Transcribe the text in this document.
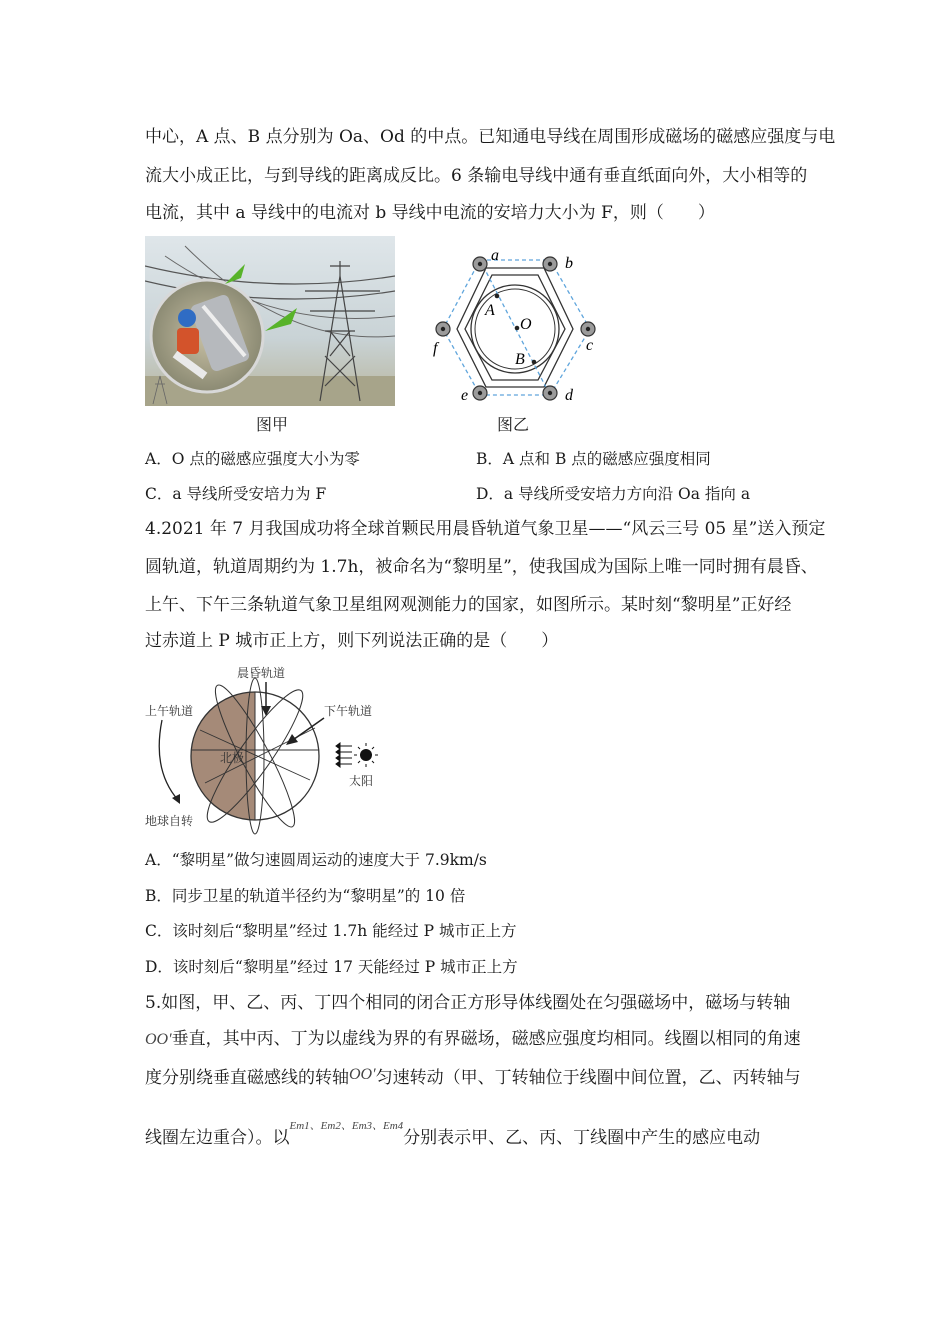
中心，A 点、B 点分别为 Oa、Od 的中点。已知通电导线在周围形成磁场的磁感应强度与电
流大小成正比，与到导线的距离成反比。6 条输电导线中通有垂直纸面向外，大小相等的
电流，其中 a 导线中的电流对 b 导线中电流的安培力大小为 F，则（　　）
图甲
a	b
c
d
e
f
A
O
B
图乙
A．O 点的磁感应强度大小为零	B．A 点和 B 点的磁感应强度相同
C．a 导线所受安培力为 F	D．a 导线所受安培力方向沿 Oa 指向 a
4.2021 年 7 月我国成功将全球首颗民用晨昏轨道气象卫星——“风云三号 05 星”送入预定
圆轨道，轨道周期约为 1.7h，被命名为“黎明星”，使我国成为国际上唯一同时拥有晨昏、
上午、下午三条轨道气象卫星组网观测能力的国家，如图所示。某时刻“黎明星”正好经
过赤道上 P 城市正上方，则下列说法正确的是（　　）
晨昏轨道
上午轨道	下午轨道
北极
太阳
地球自转
A．“黎明星”做匀速圆周运动的速度大于 7.9km/s
B．同步卫星的轨道半径约为“黎明星”的 10 倍
C．该时刻后“黎明星”经过 1.7h 能经过 P 城市正上方
D．该时刻后“黎明星”经过 17 天能经过 P 城市正上方
5.如图，甲、乙、丙、丁四个相同的闭合正方形导体线圈处在匀强磁场中，磁场与转轴
OO′垂直，其中丙、丁为以虚线为界的有界磁场，磁感应强度均相同。线圈以相同的角速
度分别绕垂直磁感线的转轴OO′匀速转动（甲、丁转轴位于线圈中间位置，乙、丙转轴与
线圈左边重合）。以$^{Em1、Em2、Em3、Em4}$分别表示甲、乙、丙、丁线圈中产生的感应电动
